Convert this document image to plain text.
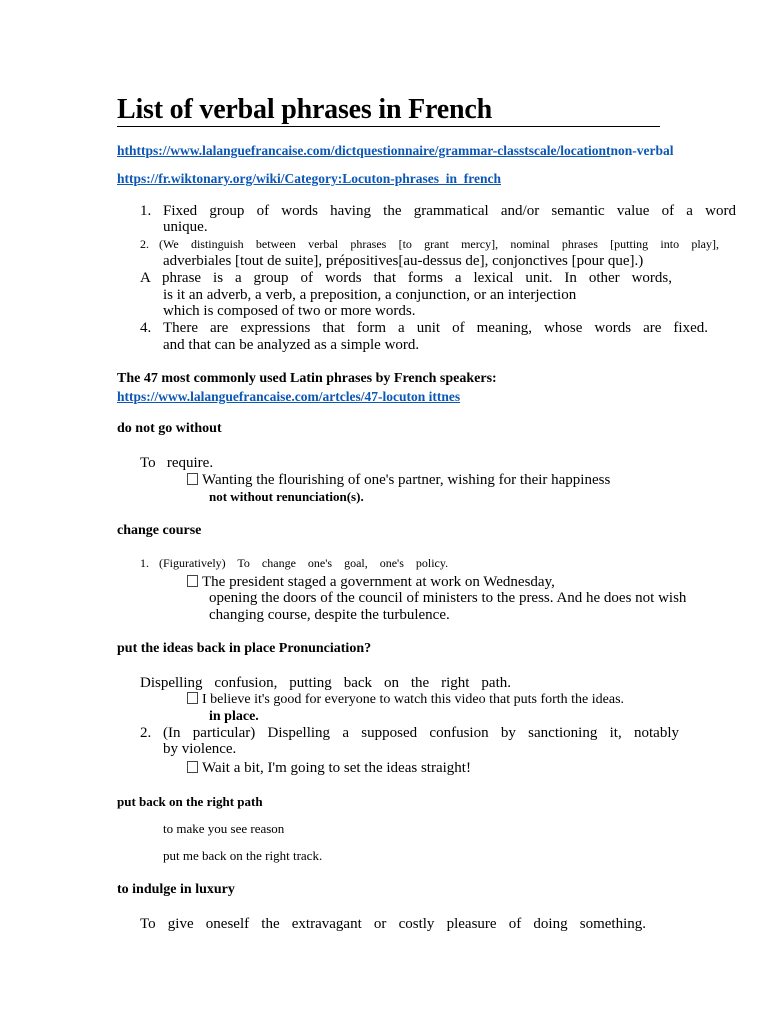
List of verbal phrases in French
hthttps://www.lalanguefrancaise.com/dictquestionnaire/grammar-classtscale/locationtnon-verbal
https://fr.wiktonary.org/wiki/Category:Locuton-phrases_in_french
1. Fixed group of words having the grammatical and/or semantic value of a word
unique.
2. (We distinguish between verbal phrases [to grant mercy], nominal phrases [putting into play],
adverbiales [tout de suite], prépositives[au-dessus de], conjonctives [pour que].)
A phrase is a group of words that forms a lexical unit. In other words,
is it an adverb, a verb, a preposition, a conjunction, or an interjection
which is composed of two or more words.
4. There are expressions that form a unit of meaning, whose words are fixed.
and that can be analyzed as a simple word.
The 47 most commonly used Latin phrases by French speakers:
https://www.lalanguefrancaise.com/artcles/47-locuton ittnes
do not go without
To   require.
Wanting the flourishing of one's partner, wishing for their happiness
not without renunciation(s).
change course
1. (Figuratively)  To  change  one's  goal,  one's  policy.
The president staged a government at work on Wednesday,
opening the doors of the council of ministers to the press. And he does not wish
changing course, despite the turbulence.
put the ideas back in place Pronunciation?
Dispelling confusion, putting back on the right path.
I believe it's good for everyone to watch this video that puts forth the ideas.
in place.
2. (In particular) Dispelling a supposed confusion by sanctioning it, notably
by violence.
Wait a bit, I'm going to set the ideas straight!
put back on the right path
to make you see reason
put me back on the right track.
to indulge in luxury
To give oneself the extravagant or costly pleasure of doing something.
